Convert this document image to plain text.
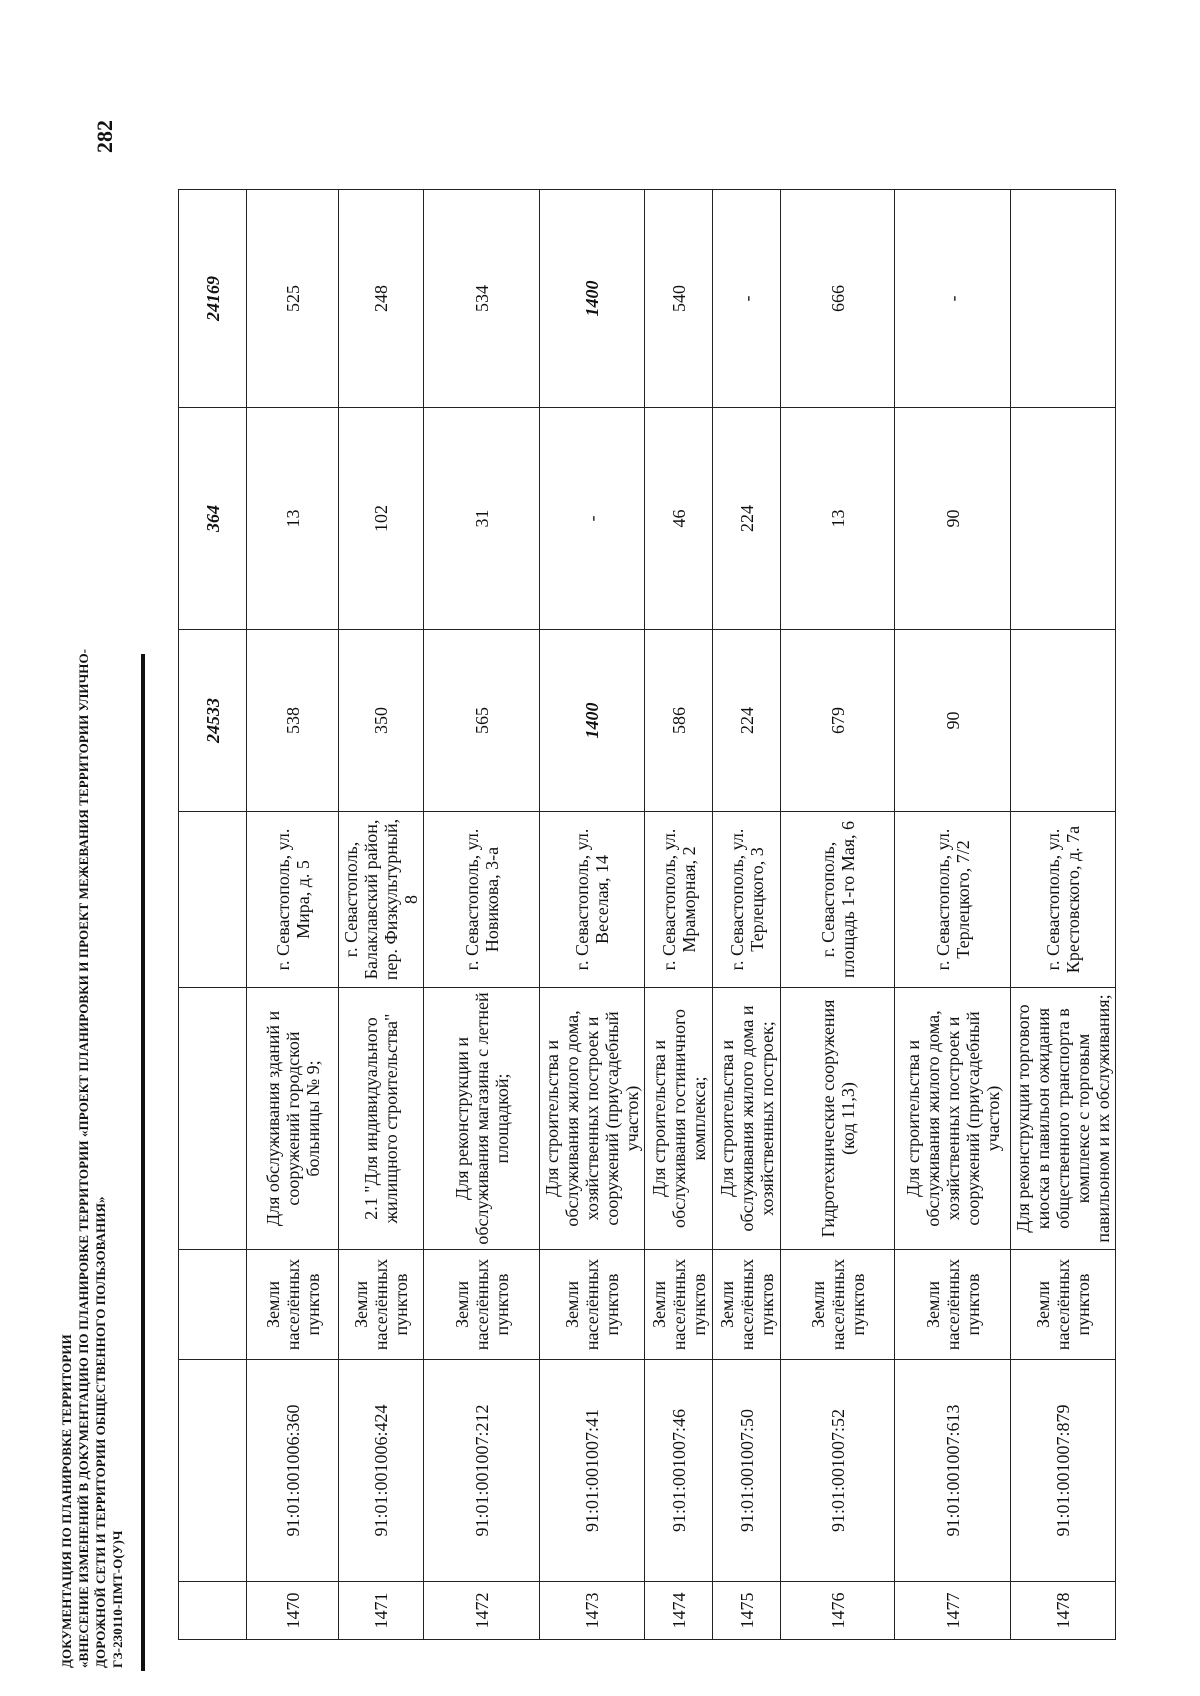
282
ДОКУМЕНТАЦИЯ ПО ПЛАНИРОВКЕ ТЕРРИТОРИИ «ВНЕСЕНИЕ ИЗМЕНЕНИЙ В ДОКУМЕНТАЦИЮ ПО ПЛАНИРОВКЕ ТЕРРИТОРИИ «ПРОЕКТ ПЛАНИРОВКИ И ПРОЕКТ МЕЖЕВАНИЯ ТЕРРИТОРИИ УЛИЧНО- ДОРОЖНОЙ СЕТИ И ТЕРРИТОРИИ ОБЩЕСТВЕННОГО ПОЛЬЗОВАНИЯ» ГЗ-230110-ПМТ-О(У)Ч
					24533	364	24169
1470	91:01:001006:360	Земли населённых пунктов	Для обслуживания зданий и сооружений городской больницы № 9;	г. Севастополь, ул. Мира, д. 5	538	13	525
1471	91:01:001006:424	Земли населённых пунктов	2.1 "Для индивидуального жилищного строительства"	г. Севастополь, Балаклавский район, пер. Физкультурный, 8	350	102	248
1472	91:01:001007:212	Земли населённых пунктов	Для реконструкции и обслуживания магазина с летней площадкой;	г. Севастополь, ул. Новикова, 3-а	565	31	534
1473	91:01:001007:41	Земли населённых пунктов	Для строительства и обслуживания жилого дома, хозяйственных построек и сооружений (приусадебный участок)	г. Севастополь, ул. Веселая, 14	1400	-	1400
1474	91:01:001007:46	Земли населённых пунктов	Для строительства и обслуживания гостиничного комплекса;	г. Севастополь, ул. Мраморная, 2	586	46	540
1475	91:01:001007:50	Земли населённых пунктов	Для строительства и обслуживания жилого дома и хозяйственных построек;	г. Севастополь, ул. Терлецкого, 3	224	224	-
1476	91:01:001007:52	Земли населённых пунктов	Гидротехнические сооружения (код 11,3)	г. Севастополь, площадь 1-го Мая, 6	679	13	666
1477	91:01:001007:613	Земли населённых пунктов	Для строительства и обслуживания жилого дома, хозяйственных построек и сооружений (приусадебный участок)	г. Севастополь, ул. Терлецкого, 7/2	90	90	-
1478	91:01:001007:879	Земли населённых пунктов	Для реконструкции торгового киоска в павильон ожидания общественного транспорта в комплексе с торговым павильоном и их обслуживания;	г. Севастополь, ул. Крестовского, д. 7а			
